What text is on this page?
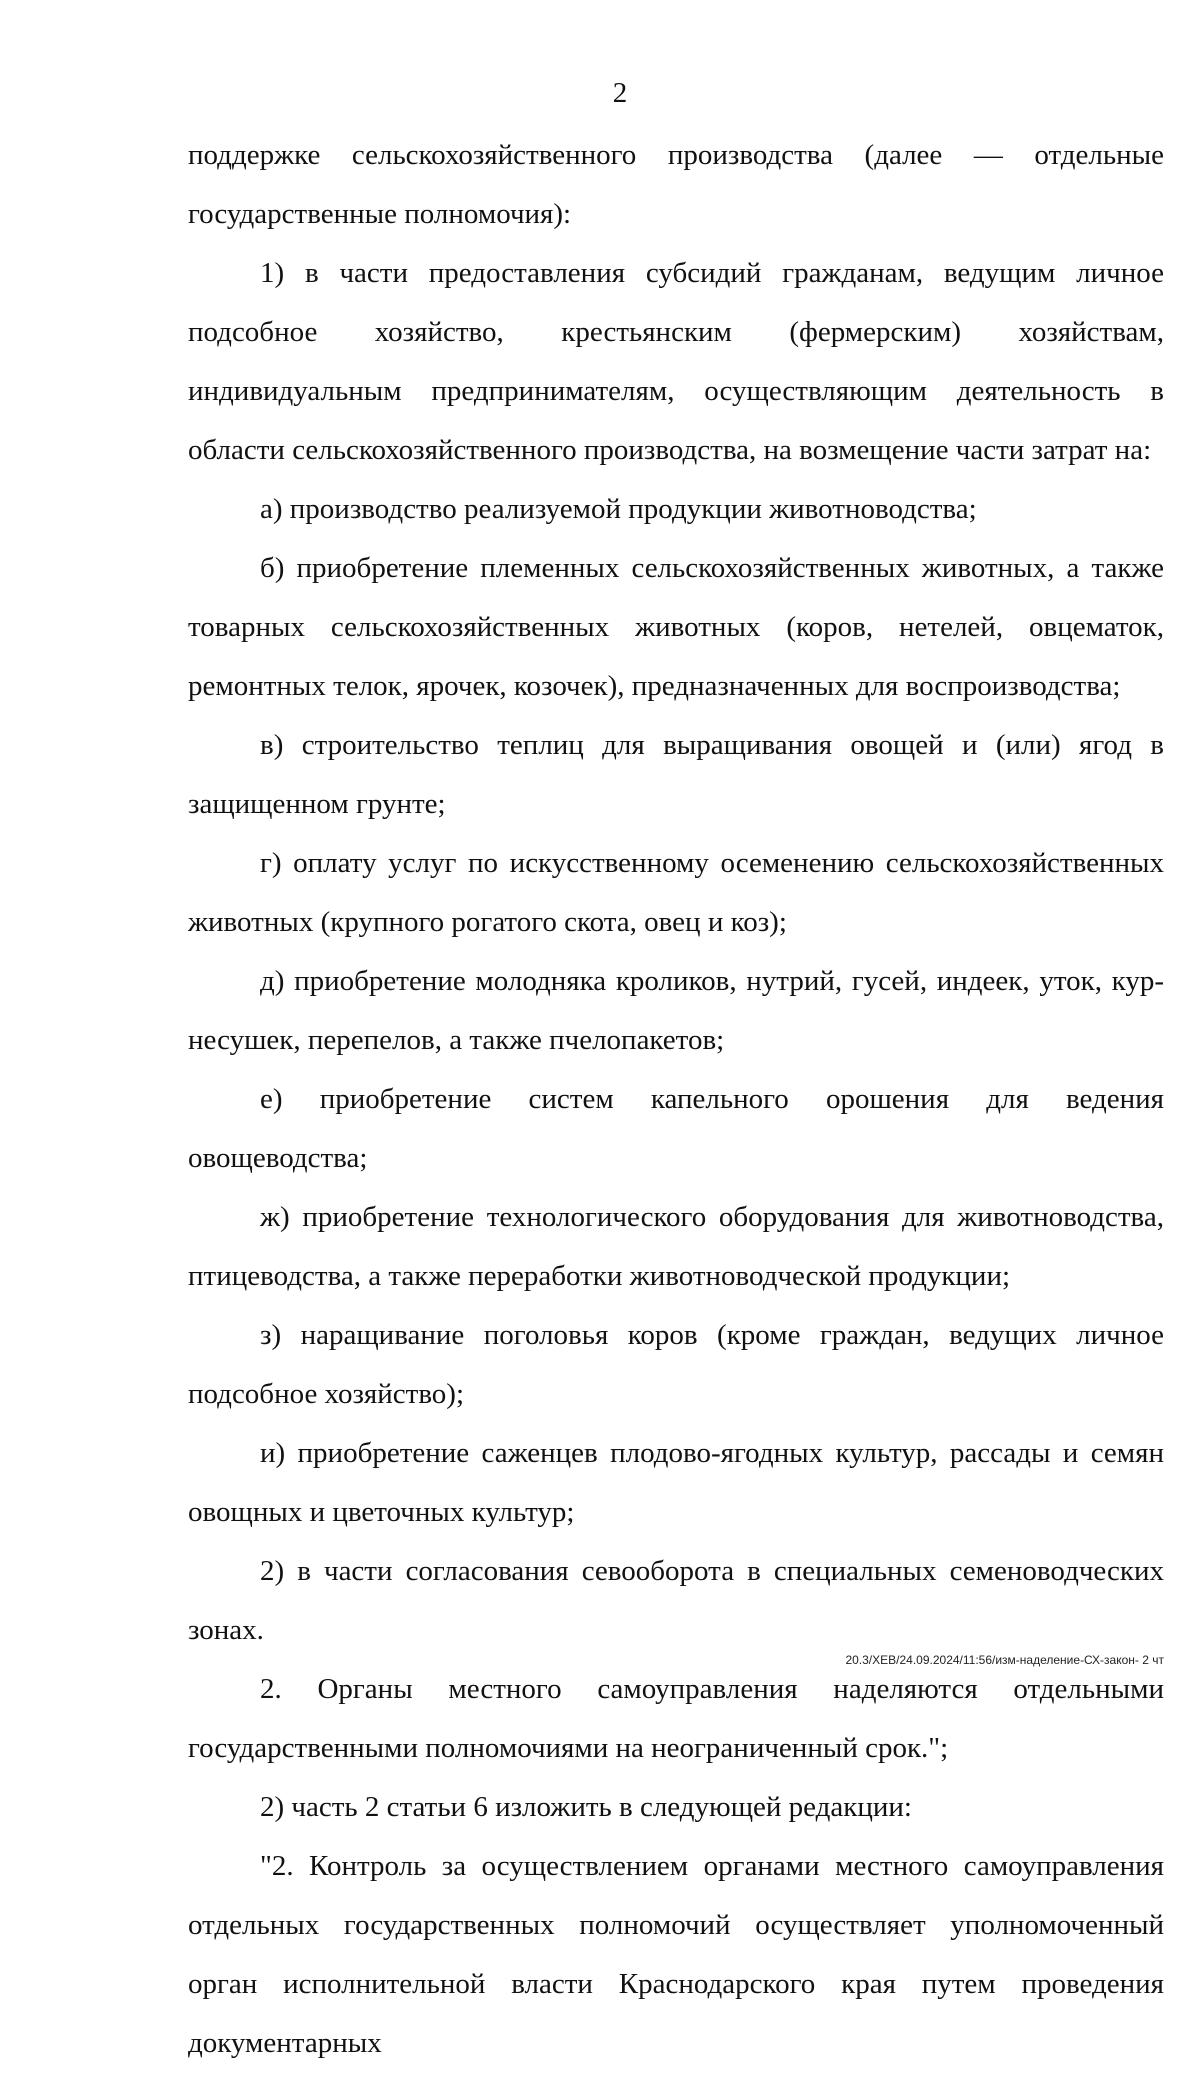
2

поддержке сельскохозяйственного производства (далее — отдельные государственные полномочия):

1) в части предоставления субсидий гражданам, ведущим личное подсобное хозяйство, крестьянским (фермерским) хозяйствам, индивидуальным предпринимателям, осуществляющим деятельность в области сельскохозяйственного производства, на возмещение части затрат на:

а) производство реализуемой продукции животноводства;

б) приобретение племенных сельскохозяйственных животных, а также товарных сельскохозяйственных животных (коров, нетелей, овцематок, ремонтных телок, ярочек, козочек), предназначенных для воспроизводства;

в) строительство теплиц для выращивания овощей и (или) ягод в защищенном грунте;

г) оплату услуг по искусственному осеменению сельскохозяйственных животных (крупного рогатого скота, овец и коз);

д) приобретение молодняка кроликов, нутрий, гусей, индеек, уток, кур-несушек, перепелов, а также пчелопакетов;

е) приобретение систем капельного орошения для ведения овощеводства;

ж) приобретение технологического оборудования для животноводства, птицеводства, а также переработки животноводческой продукции;

з) наращивание поголовья коров (кроме граждан, ведущих личное подсобное хозяйство);

и) приобретение саженцев плодово-ягодных культур, рассады и семян овощных и цветочных культур;

2) в части согласования севооборота в специальных семеноводческих зонах.

2. Органы местного самоуправления наделяются отдельными государственными полномочиями на неограниченный срок.";

2) часть 2 статьи 6 изложить в следующей редакции:

"2. Контроль за осуществлением органами местного самоуправления отдельных государственных полномочий осуществляет уполномоченный орган исполнительной власти Краснодарского края путем проведения документарных

20.3/ХЕВ/24.09.2024/11:56/изм-наделение-СХ-закон- 2 чт
